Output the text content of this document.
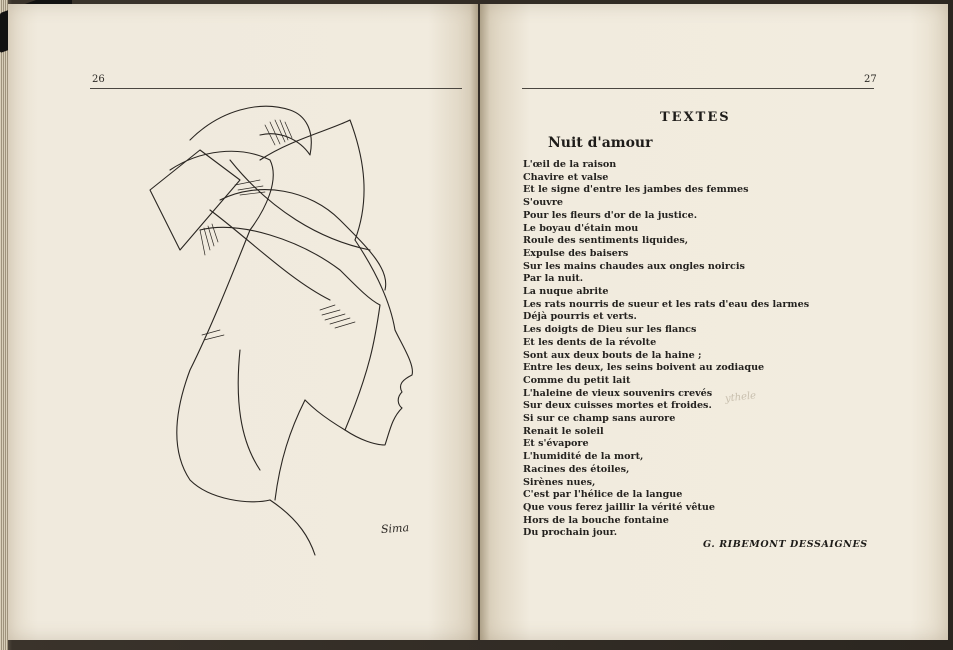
26
Sima
27
TEXTES
Nuit d'amour
L'œil de la raison
Chavire et valse
Et le signe d'entre les jambes des femmes
S'ouvre
Pour les fleurs d'or de la justice.
Le boyau d'étain mou
Roule des sentiments liquides,
Expulse des baisers
Sur les mains chaudes aux ongles noircis
Par la nuit.
La nuque abrite
Les rats nourris de sueur et les rats d'eau des larmes
Déjà pourris et verts.
Les doigts de Dieu sur les flancs
Et les dents de la révolte
Sont aux deux bouts de la haine ;
Entre les deux, les seins boivent au zodiaque
Comme du petit lait
L'haleine de vieux souvenirs crevés
Sur deux cuisses mortes et froides.
Si sur ce champ sans aurore
Renait le soleil
Et s'évapore
L'humidité de la mort,
Racines des étoiles,
Sirènes nues,
C'est par l'hélice de la langue
Que vous ferez jaillir la vérité vêtue
Hors de la bouche fontaine
Du prochain jour.
ythele
G. RIBEMONT DESSAIGNES
